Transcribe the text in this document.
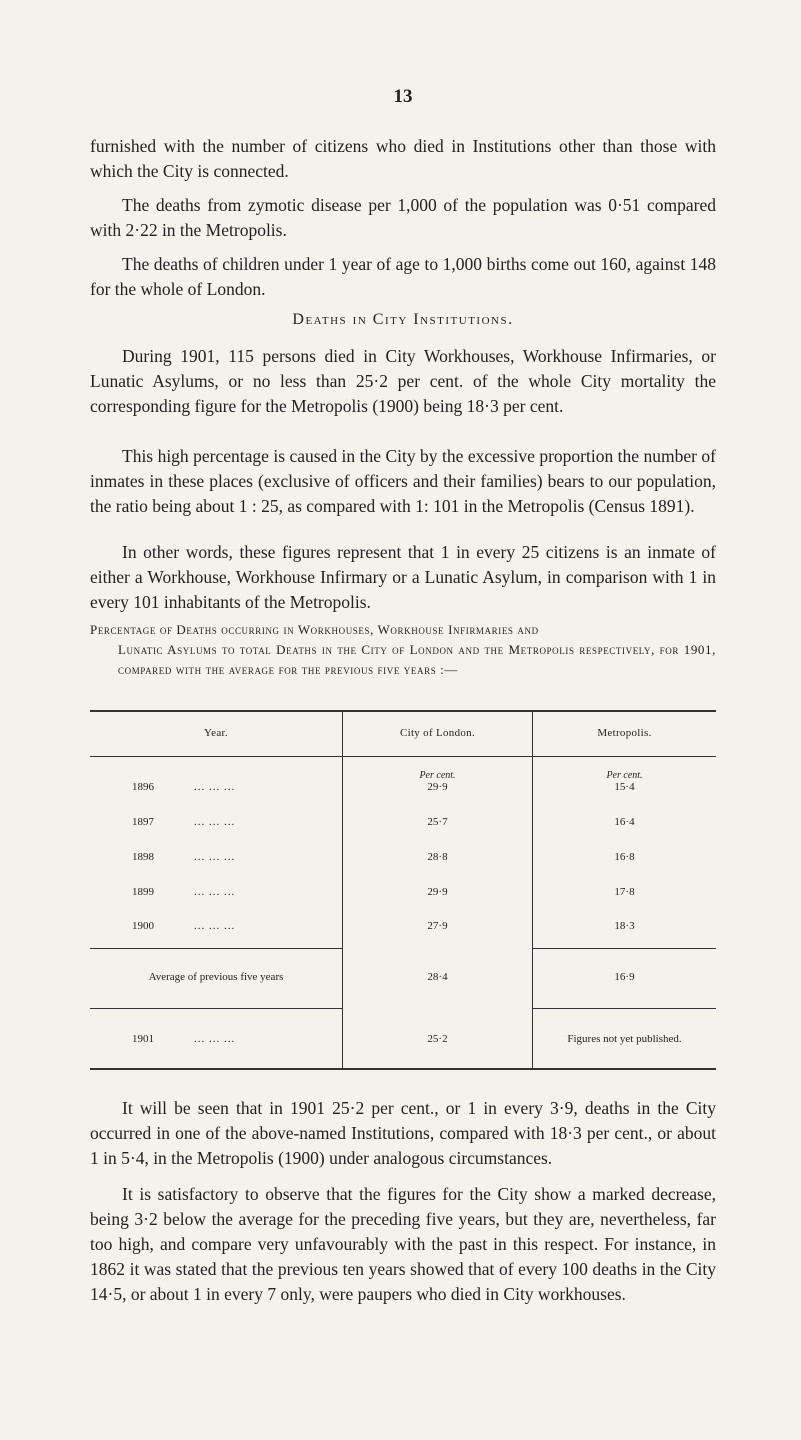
13

furnished with the number of citizens who died in Institutions other than those with which the City is connected.

The deaths from zymotic disease per 1,000 of the population was 0·51 compared with 2·22 in the Metropolis.

The deaths of children under 1 year of age to 1,000 births come out 160, against 148 for the whole of London.

Deaths in City Institutions.

During 1901, 115 persons died in City Workhouses, Workhouse Infirmaries, or Lunatic Asylums, or no less than 25·2 per cent. of the whole City mortality the corresponding figure for the Metropolis (1900) being 18·3 per cent.

This high percentage is caused in the City by the excessive proportion the number of inmates in these places (exclusive of officers and their families) bears to our population, the ratio being about 1 : 25, as compared with 1: 101 in the Metropolis (Census 1891).

In other words, these figures represent that 1 in every 25 citizens is an inmate of either a Workhouse, Workhouse Infirmary or a Lunatic Asylum, in comparison with 1 in every 101 inhabitants of the Metropolis.

Percentage of Deaths occurring in Workhouses, Workhouse Infirmaries and
Lunatic Asylums to total Deaths in the City of London and the Metropolis respectively, for 1901, compared with the average for the previous five years :—
Year.	City of London.	Metropolis.
Per cent.	Per cent.
1896	... ... ...	29·9	15·4
1897	... ... ...	25·7	16·4
1898	... ... ...	28·8	16·8
1899	... ... ...	29·9	17·8
1900	... ... ...	27·9	18·3
Average of previous five years	28·4	16·9
1901	... ... ...	25·2	Figures not yet published.

It will be seen that in 1901 25·2 per cent., or 1 in every 3·9, deaths in the City occurred in one of the above-named Institutions, compared with 18·3 per cent., or about 1 in 5·4, in the Metropolis (1900) under analogous circumstances.

It is satisfactory to observe that the figures for the City show a marked decrease, being 3·2 below the average for the preceding five years, but they are, nevertheless, far too high, and compare very unfavourably with the past in this respect. For instance, in 1862 it was stated that the previous ten years showed that of every 100 deaths in the City 14·5, or about 1 in every 7 only, were paupers who died in City workhouses.
